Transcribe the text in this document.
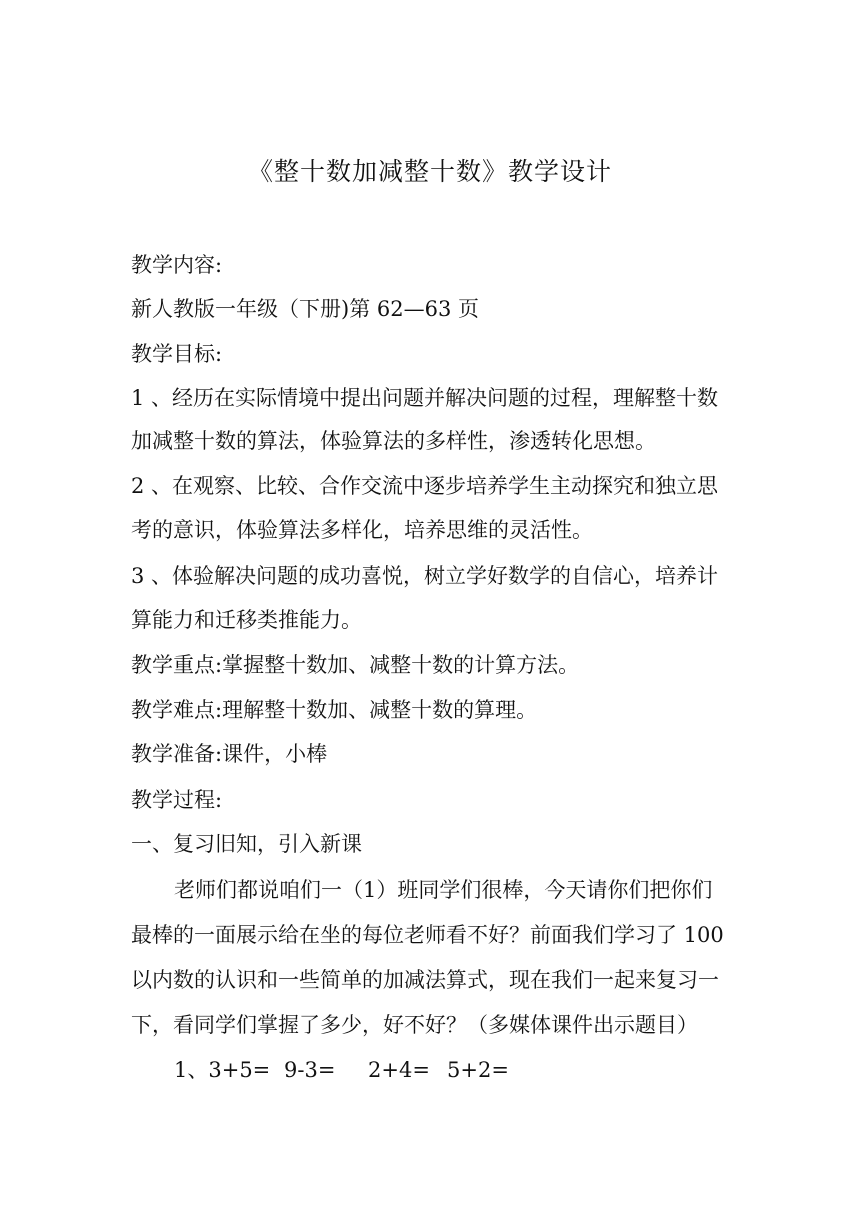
《整十数加减整十数》教学设计
教学内容:
新人教版一年级（下册)第 62—63 页
教学目标:
1 、经历在实际情境中提出问题并解决问题的过程，理解整十数
加减整十数的算法，体验算法的多样性，渗透转化思想。
2 、在观察、比较、合作交流中逐步培养学生主动探究和独立思
考的意识，体验算法多样化，培养思维的灵活性。
3 、体验解决问题的成功喜悦，树立学好数学的自信心，培养计
算能力和迁移类推能力。
教学重点:掌握整十数加、减整十数的计算方法。
教学难点:理解整十数加、减整十数的算理。
教学准备:课件，小棒
教学过程:
一、复习旧知，引入新课
老师们都说咱们一（1）班同学们很棒，今天请你们把你们
最棒的一面展示给在坐的每位老师看不好？前面我们学习了 100
以内数的认识和一些简单的加减法算式，现在我们一起来复习一
下，看同学们掌握了多少，好不好？（多媒体课件出示题目）
1、3+5= 9-3= 2+4= 5+2=
